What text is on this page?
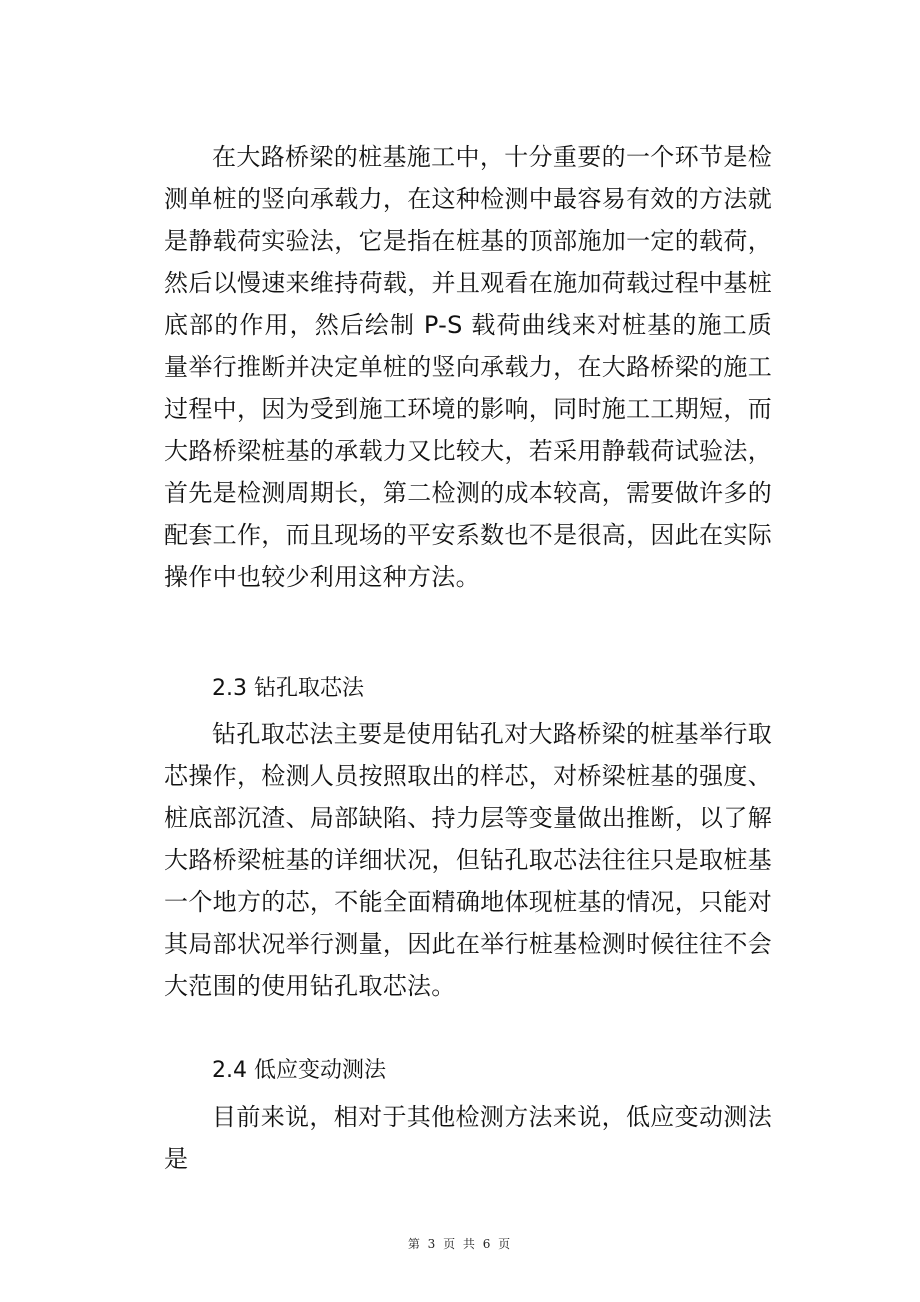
在大路桥梁的桩基施工中，十分重要的一个环节是检测单桩的竖向承载力，在这种检测中最容易有效的方法就是静载荷实验法，它是指在桩基的顶部施加一定的载荷，然后以慢速来维持荷载，并且观看在施加荷载过程中基桩底部的作用，然后绘制 P-S 载荷曲线来对桩基的施工质量举行推断并决定单桩的竖向承载力，在大路桥梁的施工过程中，因为受到施工环境的影响，同时施工工期短，而大路桥梁桩基的承载力又比较大，若采用静载荷试验法，首先是检测周期长，第二检测的成本较高，需要做许多的配套工作，而且现场的平安系数也不是很高，因此在实际操作中也较少利用这种方法。

2.3 钻孔取芯法

钻孔取芯法主要是使用钻孔对大路桥梁的桩基举行取芯操作，检测人员按照取出的样芯，对桥梁桩基的强度、桩底部沉渣、局部缺陷、持力层等变量做出推断，以了解大路桥梁桩基的详细状况，但钻孔取芯法往往只是取桩基一个地方的芯，不能全面精确地体现桩基的情况，只能对其局部状况举行测量，因此在举行桩基检测时候往往不会大范围的使用钻孔取芯法。

2.4 低应变动测法

目前来说，相对于其他检测方法来说，低应变动测法是

第 3 页 共 6 页
